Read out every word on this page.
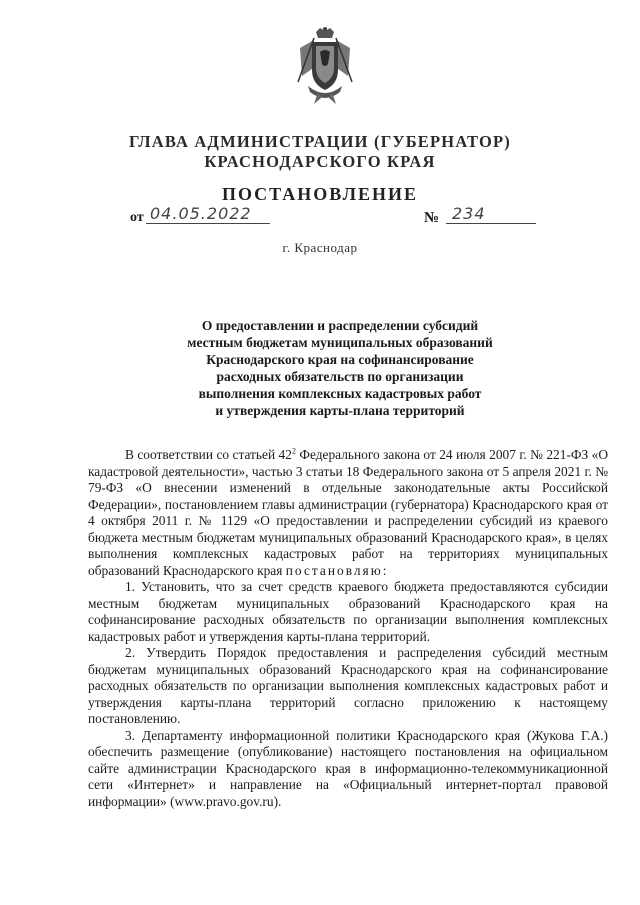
ГЛАВА АДМИНИСТРАЦИИ (ГУБЕРНАТОР)
КРАСНОДАРСКОГО КРАЯ
ПОСТАНОВЛЕНИЕ
от 04.05.2022	№ 234
г. Краснодар
О предоставлении и распределении субсидий
местным бюджетам муниципальных образований
Краснодарского края на софинансирование
расходных обязательств по организации
выполнения комплексных кадастровых работ
и утверждения карты-плана территорий

В соответствии со статьей $42^2$ Федерального закона от 24 июля 2007 г. № 221-ФЗ «О кадастровой деятельности», частью 3 статьи 18 Федерального закона от 5 апреля 2021 г. № 79-ФЗ «О внесении изменений в отдельные законодательные акты Российской Федерации», постановлением главы администрации (губернатора) Краснодарского края от 4 октября 2011 г. № 1129 «О предоставлении и распределении субсидий из краевого бюджета местным бюджетам муниципальных образований Краснодарского края», в целях выполнения комплексных кадастровых работ на территориях муниципальных образований Краснодарского края постановляю:

1. Установить, что за счет средств краевого бюджета предоставляются субсидии местным бюджетам муниципальных образований Краснодарского края на софинансирование расходных обязательств по организации выполнения комплексных кадастровых работ и утверждения карты-плана территорий.

2. Утвердить Порядок предоставления и распределения субсидий местным бюджетам муниципальных образований Краснодарского края на софинансирование расходных обязательств по организации выполнения комплексных кадастровых работ и утверждения карты-плана территорий согласно приложению к настоящему постановлению.

3. Департаменту информационной политики Краснодарского края (Жукова Г.А.) обеспечить размещение (опубликование) настоящего постановления на официальном сайте администрации Краснодарского края в информационно-телекоммуникационной сети «Интернет» и направление на «Официальный интернет-портал правовой информации» (www.pravo.gov.ru).
